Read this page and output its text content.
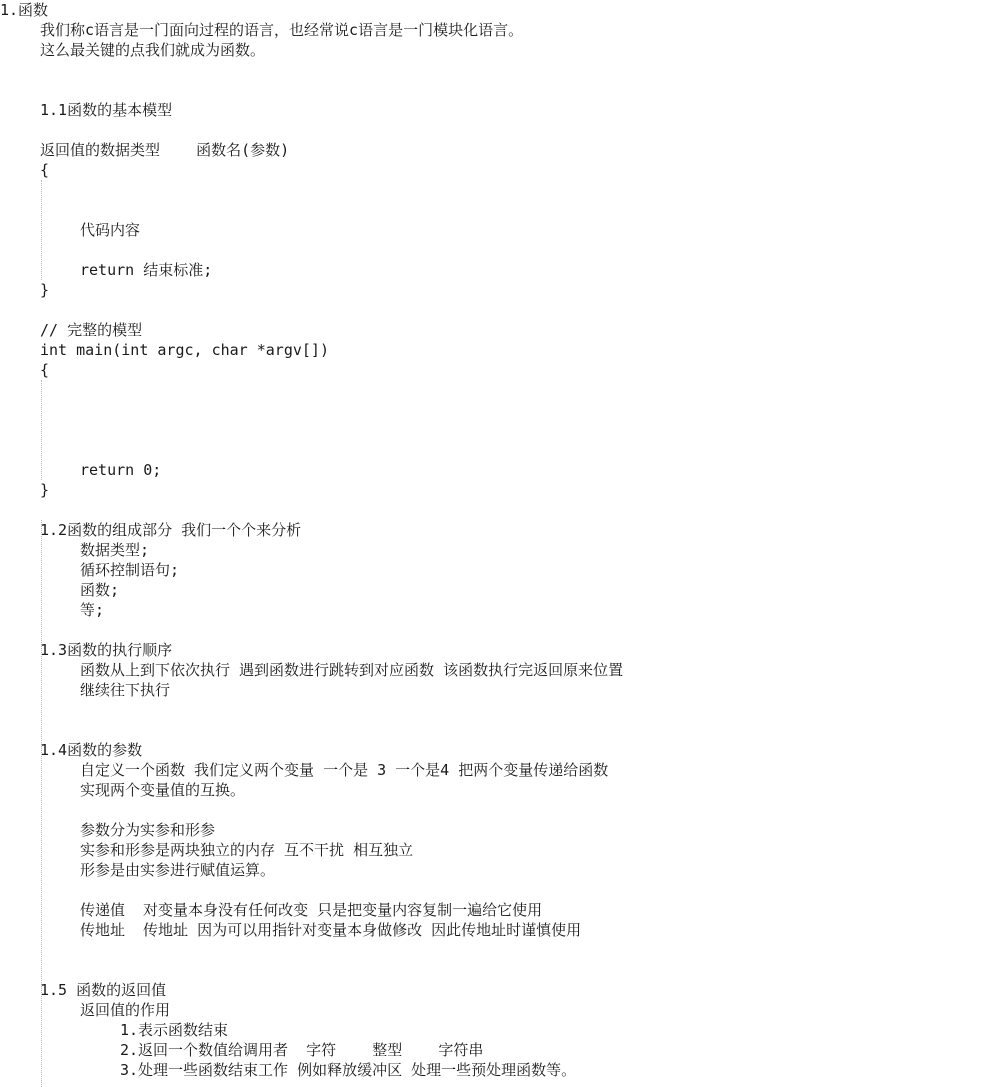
1.函数
我们称c语言是一门面向过程的语言，也经常说c语言是一门模块化语言。
这么最关键的点我们就成为函数。
1.1函数的基本模型
返回值的数据类型    函数名(参数)
{
代码内容
return 结束标准;
}
// 完整的模型
int main(int argc, char *argv[])
{
return 0;
}
1.2函数的组成部分 我们一个个来分析
数据类型;
循环控制语句;
函数;
等;
1.3函数的执行顺序
函数从上到下依次执行 遇到函数进行跳转到对应函数 该函数执行完返回原来位置
继续往下执行
1.4函数的参数
自定义一个函数 我们定义两个变量 一个是 3 一个是4 把两个变量传递给函数
实现两个变量值的互换。
参数分为实参和形参
实参和形参是两块独立的内存 互不干扰 相互独立
形参是由实参进行赋值运算。
传递值  对变量本身没有任何改变 只是把变量内容复制一遍给它使用
传地址  传地址 因为可以用指针对变量本身做修改 因此传地址时谨慎使用
1.5 函数的返回值
返回值的作用
1.表示函数结束
2.返回一个数值给调用者  字符    整型    字符串
3.处理一些函数结束工作 例如释放缓冲区 处理一些预处理函数等。
